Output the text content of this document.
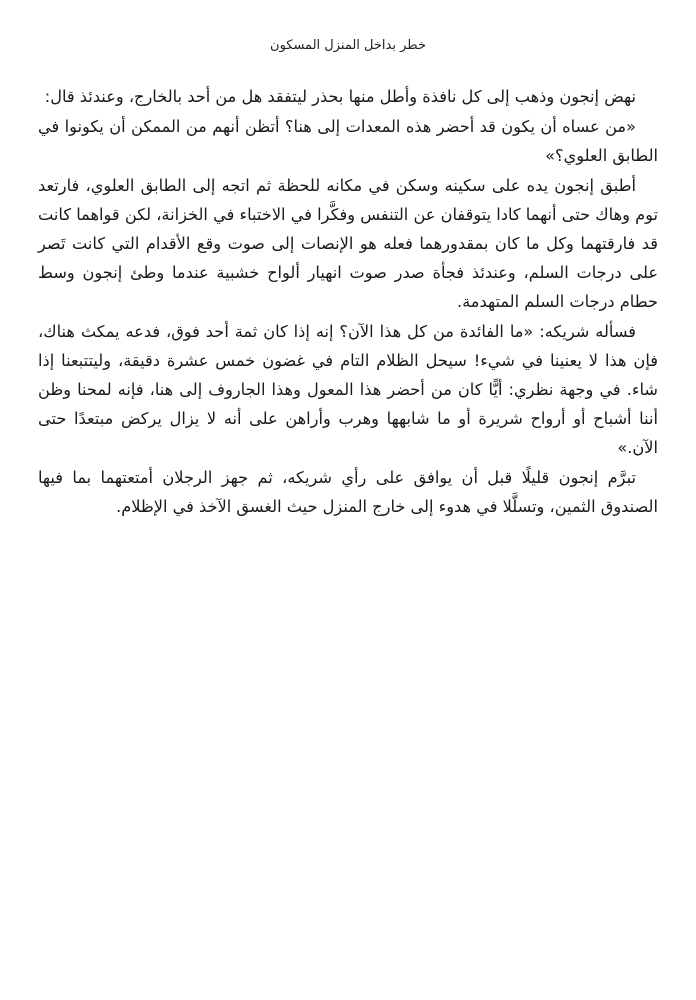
خطر بداخل المنزل المسكون

نهض إنجون وذهب إلى كل نافذة وأطل منها بحذر ليتفقد هل من أحد بالخارج، وعندئذ قال:

«من عساه أن يكون قد أحضر هذه المعدات إلى هنا؟ أتظن أنهم من الممكن أن يكونوا في الطابق العلوي؟»

أطبق إنجون يده على سكينه وسكن في مكانه للحظة ثم اتجه إلى الطابق العلوي، فارتعد توم وهاك حتى أنهما كادا يتوقفان عن التنفس وفكَّرا في الاختباء في الخزانة، لكن قواهما كانت قد فارقتهما وكل ما كان بمقدورهما فعله هو الإنصات إلى صوت وقع الأقدام التي كانت تَصر على درجات السلم، وعندئذ فجأة صدر صوت انهيار ألواح خشبية عندما وطئ إنجون وسط حطام درجات السلم المتهدمة.

فسأله شريكه: «ما الفائدة من كل هذا الآن؟ إنه إذا كان ثمة أحد فوق، فدعه يمكث هناك، فإن هذا لا يعنينا في شيء! سيحل الظلام التام في غضون خمس عشرة دقيقة، وليتتبعنا إذا شاء. في وجهة نظري: أيًّا كان من أحضر هذا المعول وهذا الجاروف إلى هنا، فإنه لمحنا وظن أننا أشباح أو أرواح شريرة أو ما شابهها وهرب وأراهن على أنه لا يزال يركض مبتعدًا حتى الآن.»

تبرَّم إنجون قليلًا قبل أن يوافق على رأي شريكه، ثم جهز الرجلان أمتعتهما بما فيها الصندوق الثمين، وتسلَّلا في هدوء إلى خارج المنزل حيث الغسق الآخذ في الإظلام.
